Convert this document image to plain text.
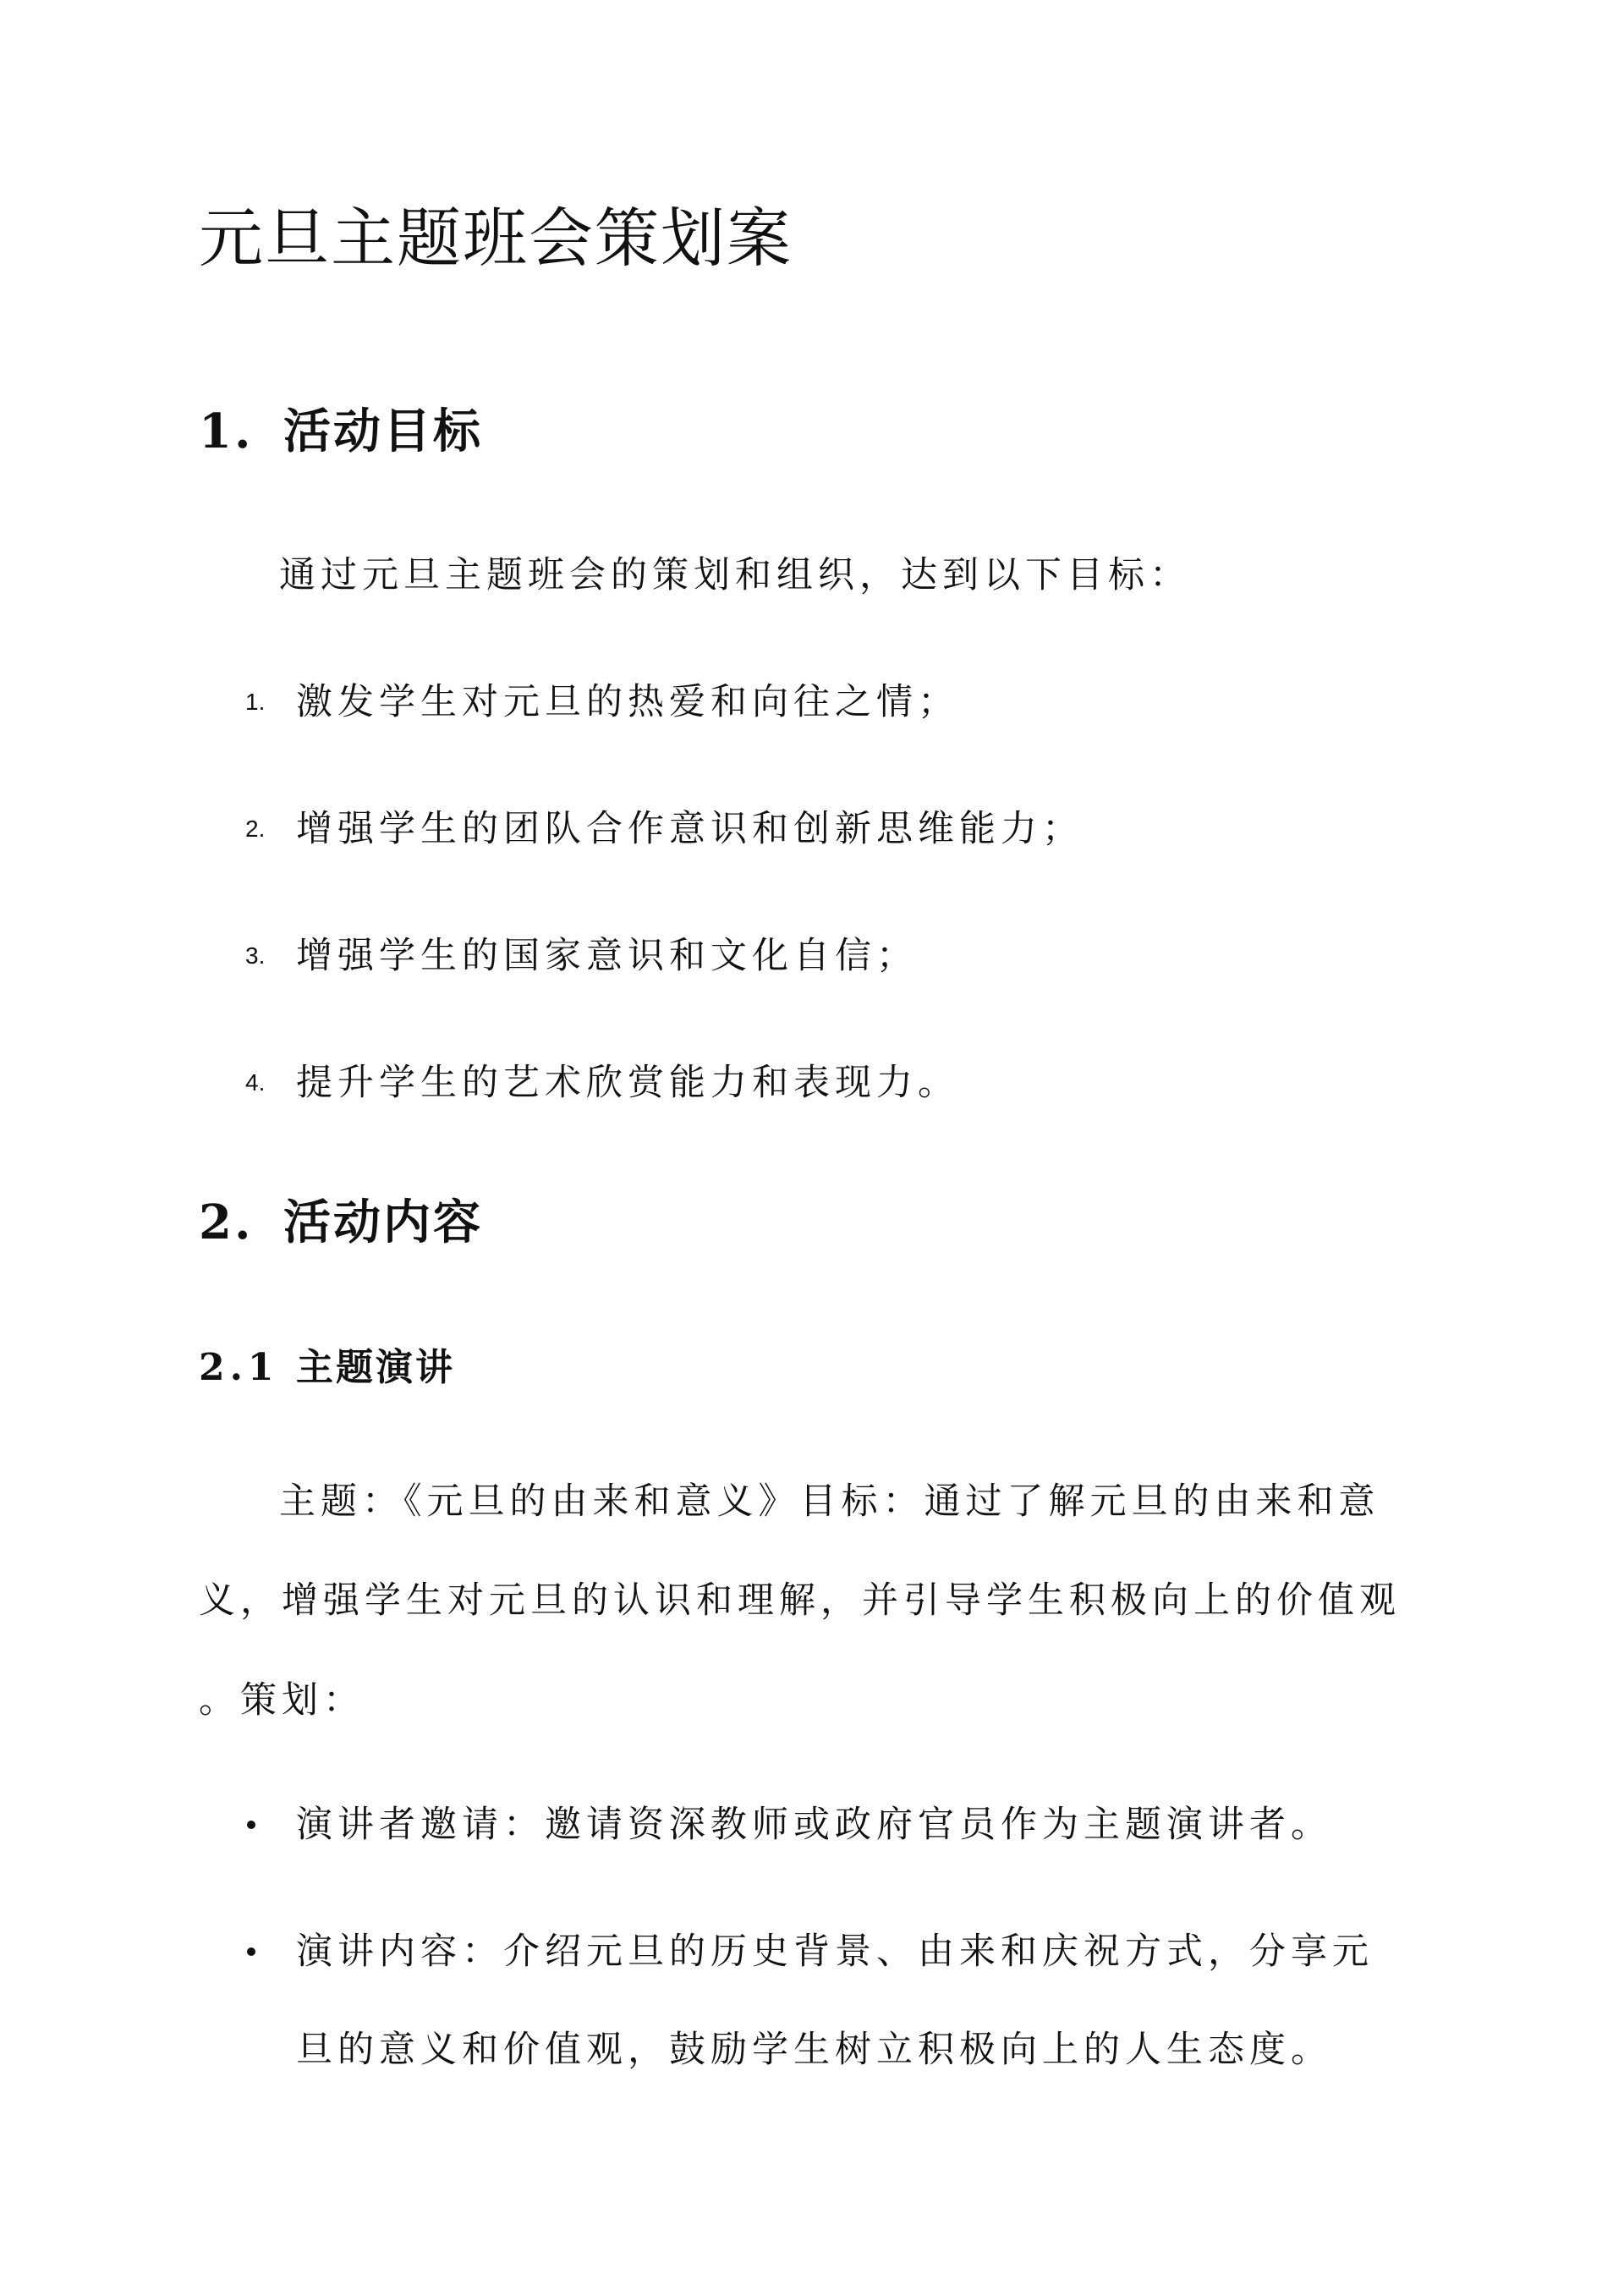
元旦主题班会策划案
1. 活动目标
通过元旦主题班会的策划和组织，达到以下目标：
1. 激发学生对元旦的热爱和向往之情；
2. 增强学生的团队合作意识和创新思维能力；
3. 增强学生的国家意识和文化自信；
4. 提升学生的艺术欣赏能力和表现力。
2. 活动内容
2.1 主题演讲
主题：《元旦的由来和意义》目标：通过了解元旦的由来和意
义，增强学生对元旦的认识和理解，并引导学生积极向上的价值观
。策划：
演讲者邀请：邀请资深教师或政府官员作为主题演讲者。
演讲内容：介绍元旦的历史背景、由来和庆祝方式，分享元
旦的意义和价值观，鼓励学生树立积极向上的人生态度。
